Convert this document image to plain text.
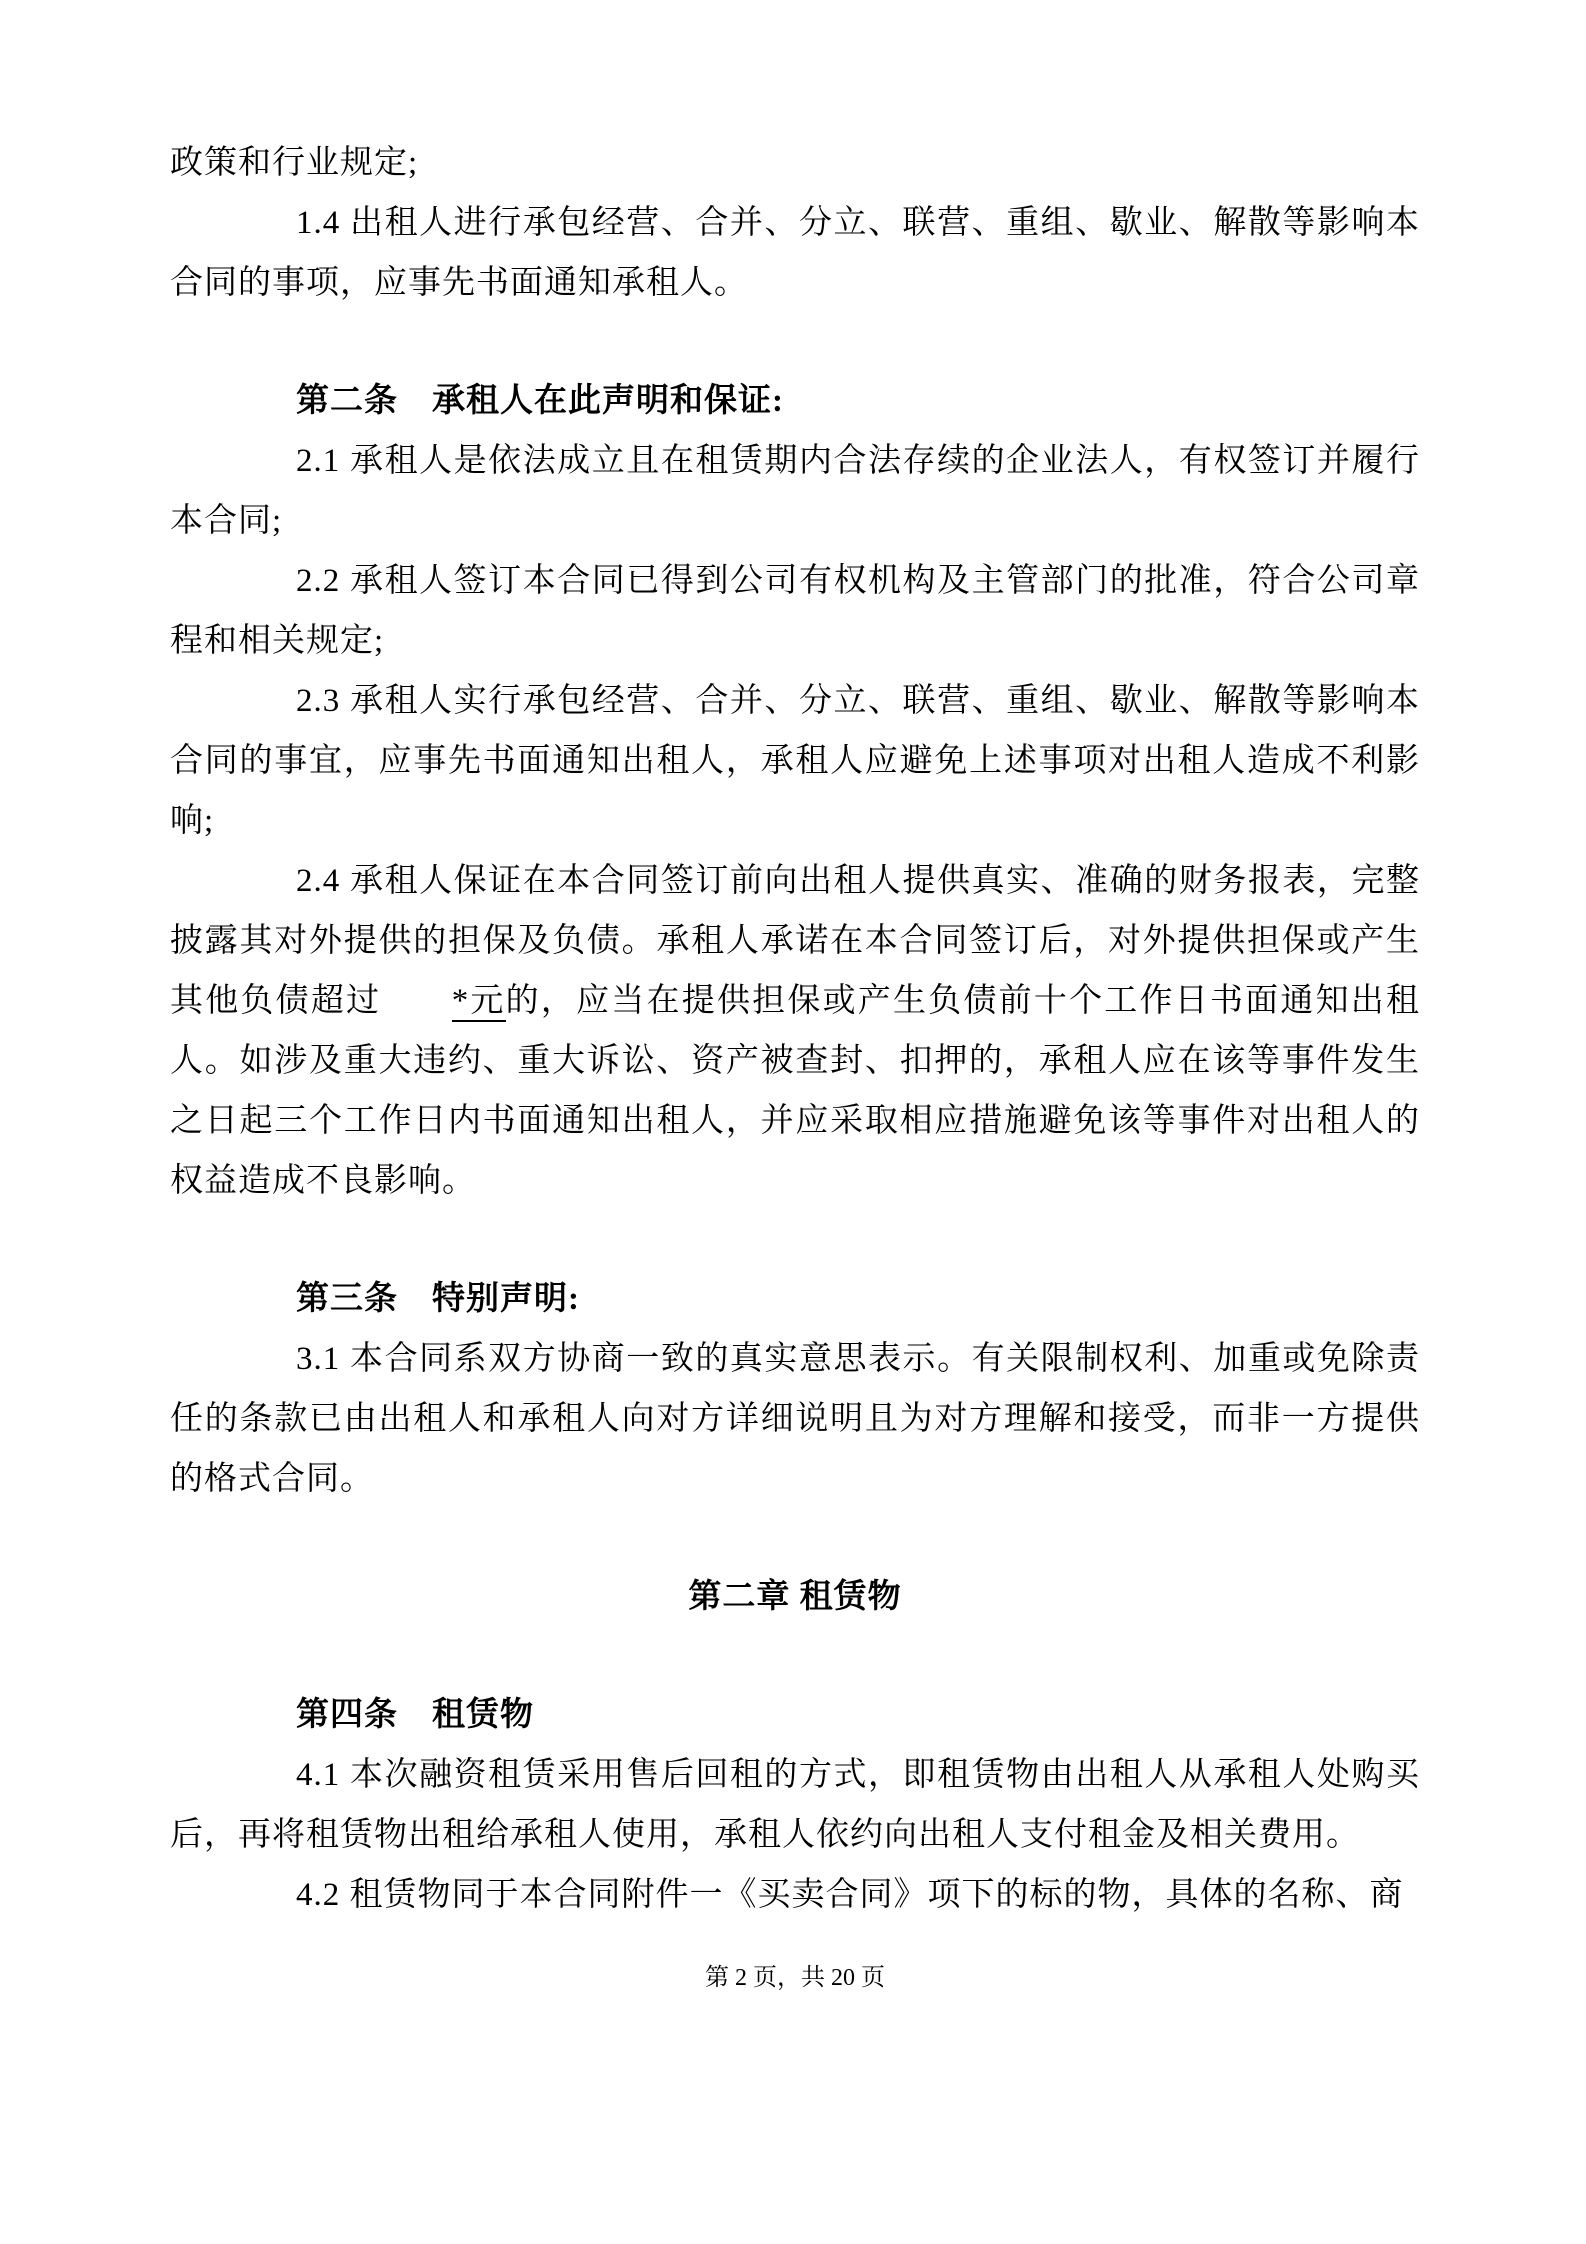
政策和行业规定;

1.4 出租人进行承包经营、合并、分立、联营、重组、歇业、解散等影响本合同的事项，应事先书面通知承租人。

第二条　承租人在此声明和保证:

2.1 承租人是依法成立且在租赁期内合法存续的企业法人，有权签订并履行本合同;

2.2 承租人签订本合同已得到公司有权机构及主管部门的批准，符合公司章程和相关规定;

2.3 承租人实行承包经营、合并、分立、联营、重组、歇业、解散等影响本合同的事宜，应事先书面通知出租人，承租人应避免上述事项对出租人造成不利影响;

2.4 承租人保证在本合同签订前向出租人提供真实、准确的财务报表，完整披露其对外提供的担保及负债。承租人承诺在本合同签订后，对外提供担保或产生其他负债超过　　*元的，应当在提供担保或产生负债前十个工作日书面通知出租人。如涉及重大违约、重大诉讼、资产被查封、扣押的，承租人应在该等事件发生之日起三个工作日内书面通知出租人，并应采取相应措施避免该等事件对出租人的权益造成不良影响。

第三条　特别声明:

3.1 本合同系双方协商一致的真实意思表示。有关限制权利、加重或免除责任的条款已由出租人和承租人向对方详细说明且为对方理解和接受，而非一方提供的格式合同。

第二章 租赁物

第四条　租赁物

4.1 本次融资租赁采用售后回租的方式，即租赁物由出租人从承租人处购买后，再将租赁物出租给承租人使用，承租人依约向出租人支付租金及相关费用。

4.2 租赁物同于本合同附件一《买卖合同》项下的标的物，具体的名称、商

第 2 页，共 20 页
